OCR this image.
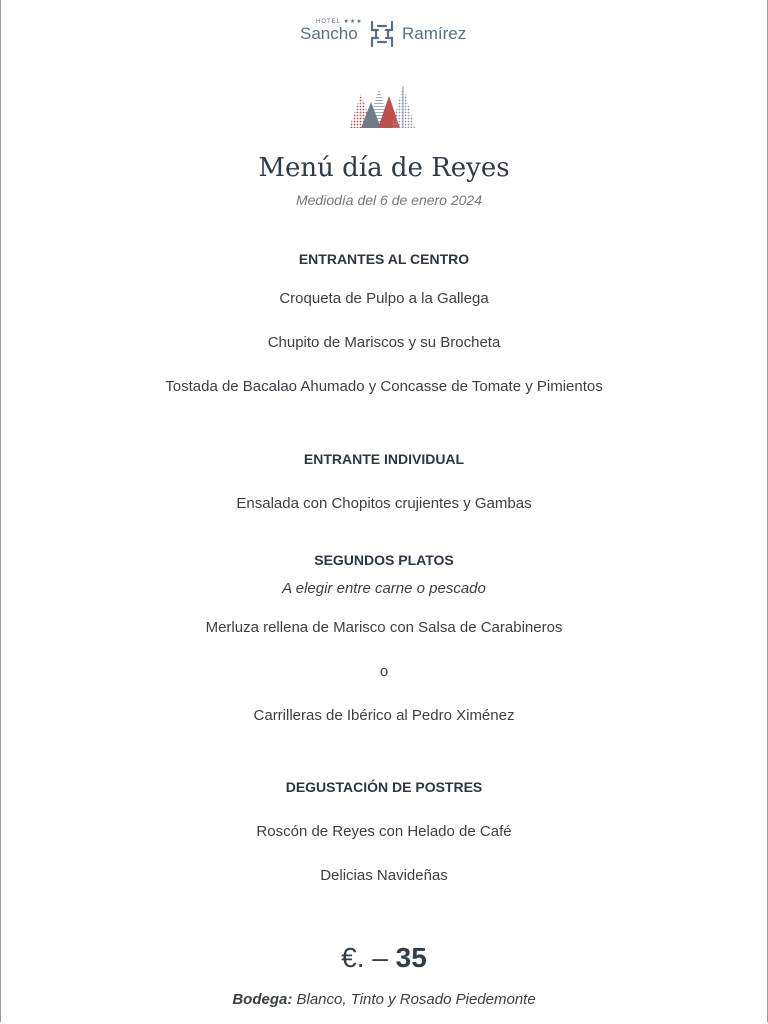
HOTEL ★★★
Sancho	Ramírez
Menú día de Reyes
Mediodía del 6 de enero 2024
ENTRANTES AL CENTRO
Croqueta de Pulpo a la Gallega
Chupito de Mariscos y su Brocheta
Tostada de Bacalao Ahumado y Concasse de Tomate y Pimientos
ENTRANTE INDIVIDUAL
Ensalada con Chopitos crujientes y Gambas
SEGUNDOS PLATOS
A elegir entre carne o pescado
Merluza rellena de Marisco con Salsa de Carabineros
o
Carrilleras de Ibérico al Pedro Ximénez
DEGUSTACIÓN DE POSTRES
Roscón de Reyes con Helado de Café
Delicias Navideñas
€. – 35
Bodega: Blanco, Tinto y Rosado Piedemonte
